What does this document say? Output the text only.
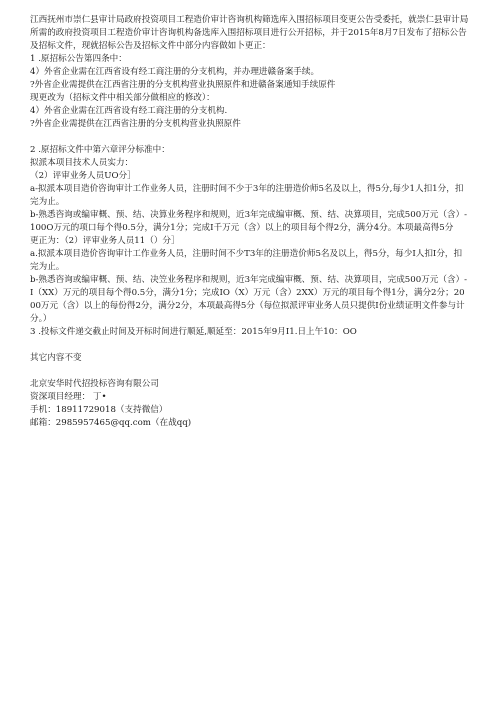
江西抚州市崇仁县审计局政府投资项目工程造价审计咨询机构筛选库入围招标项目变更公告受委托，就崇仁县审计局所需的政府投资项目工程造价审计咨询机构备选库入围招标项目进行公开招标，并于2015年8月7日发布了招标公告及招标文件，现就招标公告及招标文件中部分内容做如卜更正：

1 .原招标公告第四条中：

4）外省企业需在江西省设有经工商注册的分支机构，并办理进赣备案手续。

?外省企业需提供在江西省注册的分支机构营业执照原件和进赣备案通知手续原件

现更改为（招标文件中相关部分做相应的修改）：

4）外省企业需在江西省设有经工商注册的分支机构.

?外省企业需提供在江西省注册的分支机构营业执照原件

2 .原招标文件中第六章评分标准中：

拟派本项目技术人员实力：

（2）评审业务人员UO分］

a-拟派本项目造价咨询审计工作业务人员，注册时间不少于3年的注册造价师5名及以上，得5分,每少1人扣1分，扣完为止。

b-熟悉咨询或编审概、预、结、决算业务程序和规则，近3年完成编审概、预、结、决算项目，完成500万元（含）-100O万元的项口每个得0.5分，满分1分；完成I千万元（含）以上的项目每个得2分，满分4分。本项最高得5分

更正为：（2）评审业务人员11（）分］

a.拟派本项目造价咨询审计工作业务人员，注册时间不少T3年的注册造价师5名及以上，得5分，每少I人扣I分，扣完为止。

b-熟悉咨询或编审概、预、结、决笠业务程序和规则，近3年完成编审概、预、结、决算项目，完成500万元（含）-I（XX）万元的项目每个得0.5分，满分1分；完成IO（X）万元（含）2XX）万元的项目每个得1分，满分2分；2000万元（含）以上的每份得2分，满分2分，本项最高得5分（每位拟派评审业务人员只提供I份业绩证明文件参与计分。）

3 .投标文件递交截止时间及开标时间进行顺延,顺延至：2015年9月I1.日上午10：OO

其它内容不变

北京安华时代招投标咨询有限公司

资深项目经理： 丁•

手机：18911729018（支持微信）

邮箱：2985957465@qq.com（在战qq)
